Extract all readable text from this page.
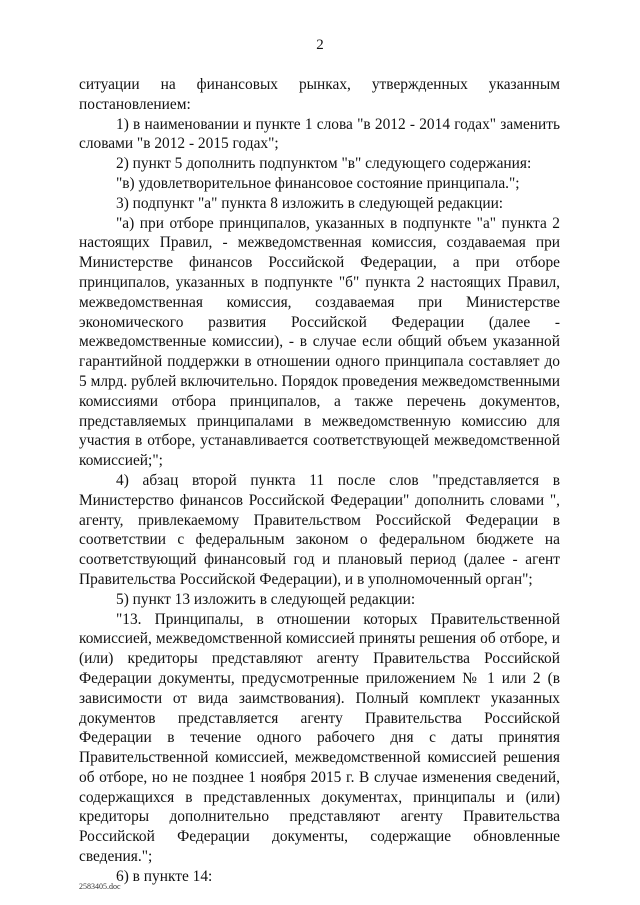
2

ситуации на финансовых рынках, утвержденных указанным постановлением:

1) в наименовании и пункте 1 слова "в 2012 - 2014 годах" заменить словами "в 2012 - 2015 годах";

2) пункт 5 дополнить подпунктом "в" следующего содержания:

"в) удовлетворительное финансовое состояние принципала.";

3) подпункт "а" пункта 8 изложить в следующей редакции:

"а) при отборе принципалов, указанных в подпункте "а" пункта 2 настоящих Правил, - межведомственная комиссия, создаваемая при Министерстве финансов Российской Федерации, а при отборе принципалов, указанных в подпункте "б" пункта 2 настоящих Правил, межведомственная комиссия, создаваемая при Министерстве экономического развития Российской Федерации (далее - межведомственные комиссии), - в случае если общий объем указанной гарантийной поддержки в отношении одного принципала составляет до 5 млрд. рублей включительно. Порядок проведения межведомственными комиссиями отбора принципалов, а также перечень документов, представляемых принципалами в межведомственную комиссию для участия в отборе, устанавливается соответствующей межведомственной комиссией;";

4) абзац второй пункта 11 после слов "представляется в Министерство финансов Российской Федерации" дополнить словами ", агенту, привлекаемому Правительством Российской Федерации в соответствии с федеральным законом о федеральном бюджете на соответствующий финансовый год и плановый период (далее - агент Правительства Российской Федерации), и в уполномоченный орган";

5) пункт 13 изложить в следующей редакции:

"13. Принципалы, в отношении которых Правительственной комиссией, межведомственной комиссией приняты решения об отборе, и (или) кредиторы представляют агенту Правительства Российской Федерации документы, предусмотренные приложением № 1 или 2 (в зависимости от вида заимствования). Полный комплект указанных документов представляется агенту Правительства Российской Федерации в течение одного рабочего дня с даты принятия Правительственной комиссией, межведомственной комиссией решения об отборе, но не позднее 1 ноября 2015 г. В случае изменения сведений, содержащихся в представленных документах, принципалы и (или) кредиторы дополнительно представляют агенту Правительства Российской Федерации документы, содержащие обновленные сведения.";

6) в пункте 14:

2583405.doc
